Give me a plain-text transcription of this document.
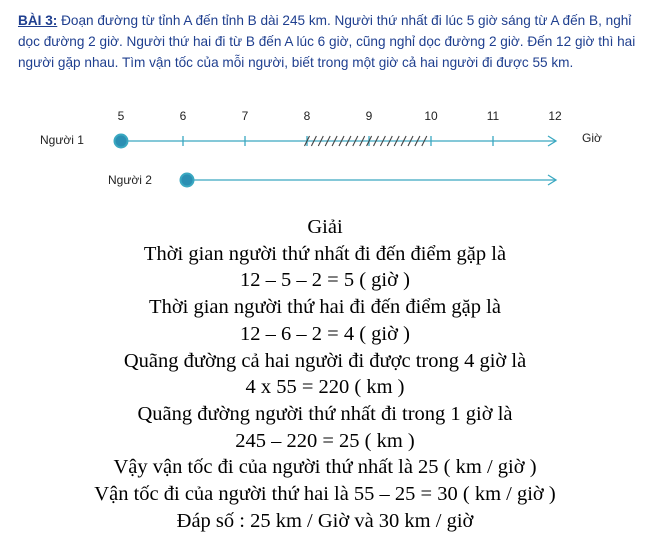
BÀI 3: Đoạn đường từ tỉnh A đến tỉnh B dài 245 km. Người thứ nhất đi lúc 5 giờ sáng từ A đến B, nghỉ dọc đường 2 giờ. Người thứ hai đi từ B đến A lúc 6 giờ, cũng nghỉ dọc đường 2 giờ. Đến 12 giờ thì hai người gặp nhau. Tìm vận tốc của mỗi người, biết trong một giờ cả hai người đi được 55 km.
5	6	7	8	9	10	11	12
Người 1	Giờ
Người 2
Giải
Thời gian người thứ nhất đi đến điểm gặp là
12 – 5 – 2 = 5 ( giờ )
Thời gian người thứ hai đi đến điểm gặp là
12 – 6 – 2 = 4 ( giờ )
Quãng đường cả hai người đi được trong 4 giờ là
4 x 55 = 220 ( km )
Quãng đường người thứ nhất đi trong 1 giờ là
245 – 220 = 25 ( km )
Vậy vận tốc đi của người thứ nhất là 25 ( km / giờ )
Vận tốc đi của người thứ hai là 55 – 25 = 30 ( km / giờ )
Đáp số : 25 km / Giờ và 30 km / giờ
